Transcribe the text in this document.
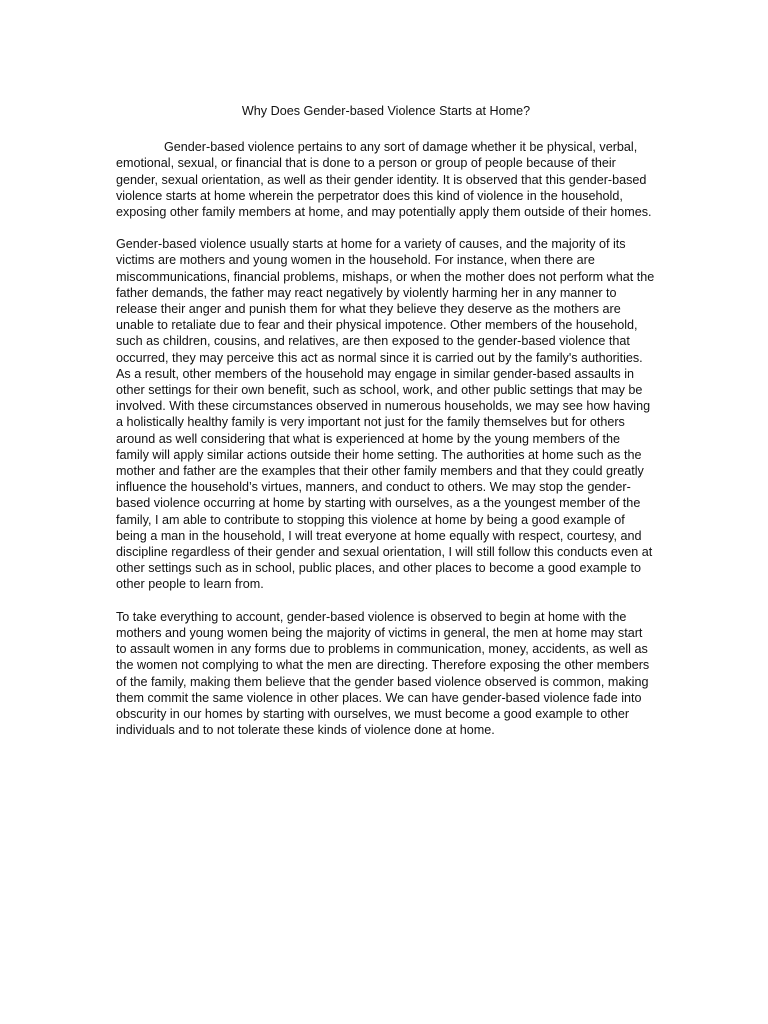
Why Does Gender-based Violence Starts at Home?

Gender-based violence pertains to any sort of damage whether it be physical, verbal, emotional, sexual, or financial that is done to a person or group of people because of their gender, sexual orientation, as well as their gender identity. It is observed that this gender-based violence starts at home wherein the perpetrator does this kind of violence in the household, exposing other family members at home, and may potentially apply them outside of their homes.

Gender-based violence usually starts at home for a variety of causes, and the majority of its victims are mothers and young women in the household. For instance, when there are miscommunications, financial problems, mishaps, or when the mother does not perform what the father demands, the father may react negatively by violently harming her in any manner to release their anger and punish them for what they believe they deserve as the mothers are unable to retaliate due to fear and their physical impotence. Other members of the household, such as children, cousins, and relatives, are then exposed to the gender-based violence that occurred, they may perceive this act as normal since it is carried out by the family's authorities. As a result, other members of the household may engage in similar gender-based assaults in other settings for their own benefit, such as school, work, and other public settings that may be involved. With these circumstances observed in numerous households, we may see how having a holistically healthy family is very important not just for the family themselves but for others around as well considering that what is experienced at home by the young members of the family will apply similar actions outside their home setting. The authorities at home such as the mother and father are the examples that their other family members and that they could greatly influence the household’s virtues, manners, and conduct to others. We may stop the gender-based violence occurring at home by starting with ourselves, as a the youngest member of the family, I am able to contribute to stopping this violence at home by being a good example of being a man in the household, I will treat everyone at home equally with respect, courtesy, and discipline regardless of their gender and sexual orientation, I will still follow this conducts even at other settings such as in school, public places, and other places to become a good example to other people to learn from.

To take everything to account, gender-based violence is observed to begin at home with the mothers and young women being the majority of victims in general, the men at home may start to assault women in any forms due to problems in communication, money, accidents, as well as the women not complying to what the men are directing. Therefore exposing the other members of the family, making them believe that the gender based violence observed is common, making them commit the same violence in other places. We can have gender-based violence fade into obscurity in our homes by starting with ourselves, we must become a good example to other individuals and to not tolerate these kinds of violence done at home.
